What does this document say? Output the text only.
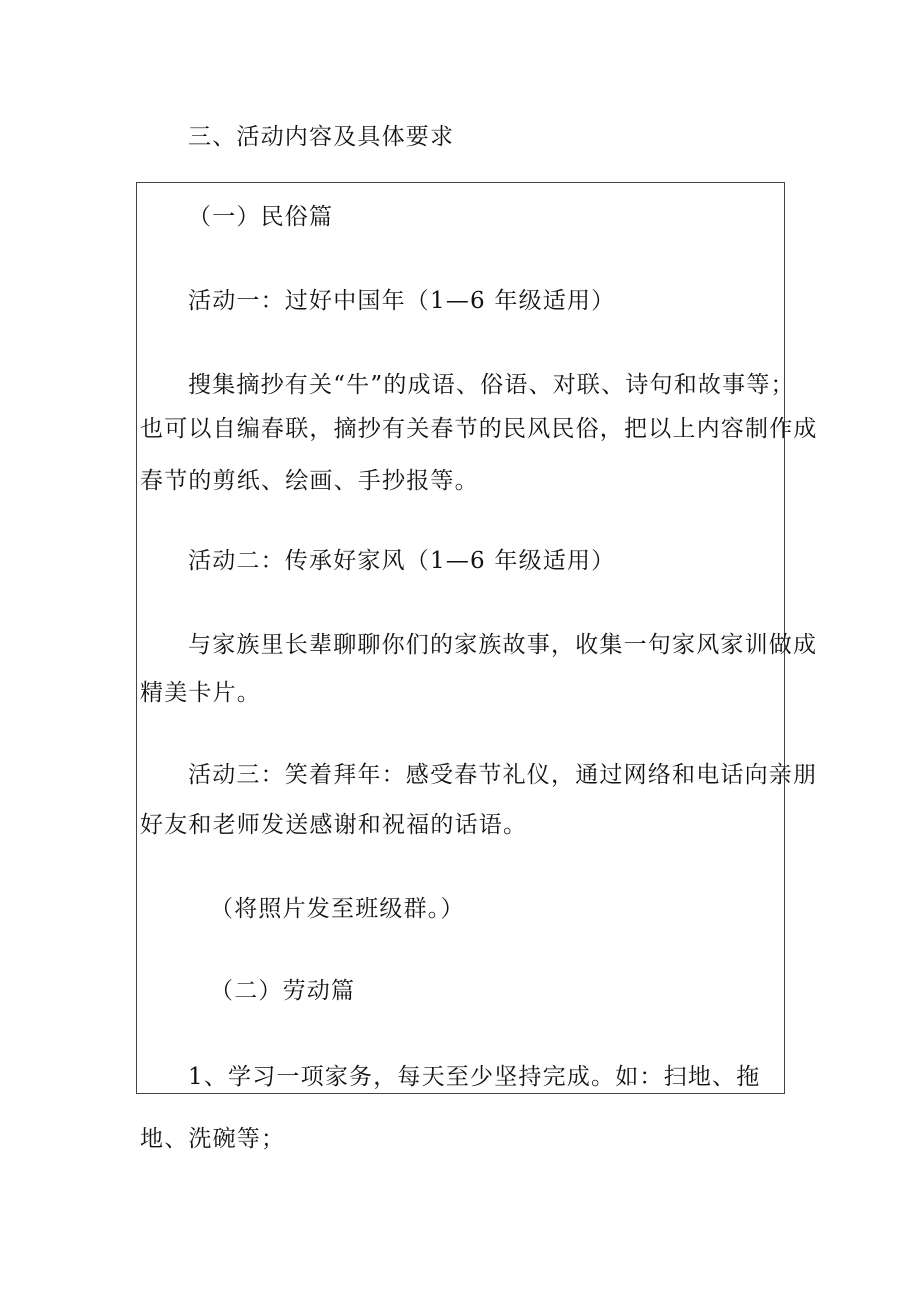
三、活动内容及具体要求
（一）民俗篇
活动一：过好中国年（1—6 年级适用）
搜集摘抄有关“牛”的成语、俗语、对联、诗句和故事等；
也可以自编春联，摘抄有关春节的民风民俗，把以上内容制作成
春节的剪纸、绘画、手抄报等。
活动二：传承好家风（1—6 年级适用）
与家族里长辈聊聊你们的家族故事，收集一句家风家训做成
精美卡片。
活动三：笑着拜年：感受春节礼仪，通过网络和电话向亲朋
好友和老师发送感谢和祝福的话语。
（将照片发至班级群。）
（二）劳动篇
1、学习一项家务，每天至少坚持完成。如：扫地、拖
地、洗碗等；
